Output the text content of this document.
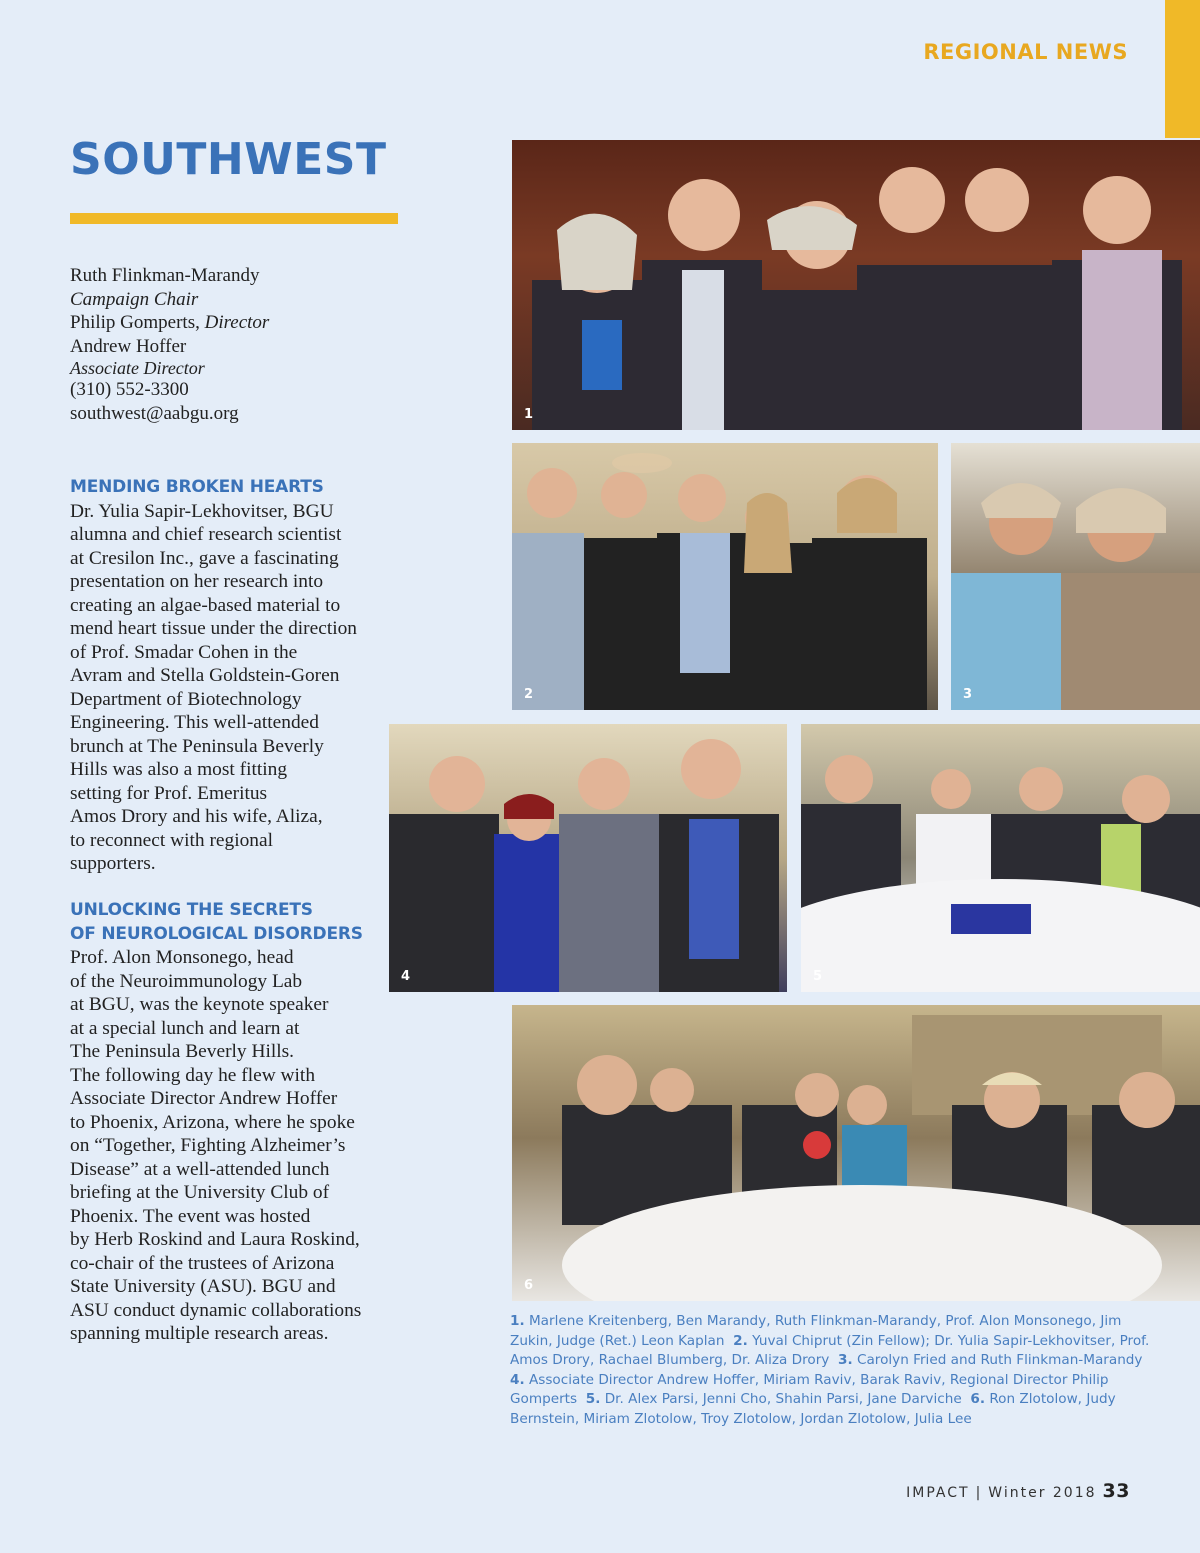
REGIONAL NEWS
SOUTHWEST
Ruth Flinkman-Marandy
Campaign Chair
Philip Gomperts, Director
Andrew Hoffer
Associate Director
(310) 552-3300
southwest@aabgu.org
MENDING BROKEN HEARTS

Dr. Yulia Sapir-Lekhovitser, BGU
alumna and chief research scientist
at Cresilon Inc., gave a fascinating
presentation on her research into
creating an algae-based material to
mend heart tissue under the direction
of Prof. Smadar Cohen in the
Avram and Stella Goldstein-Goren
Department of Biotechnology
Engineering. This well-attended
brunch at The Peninsula Beverly
Hills was also a most fitting
setting for Prof. Emeritus
Amos Drory and his wife, Aliza,
to reconnect with regional
supporters.

UNLOCKING THE SECRETS
OF NEUROLOGICAL DISORDERS

Prof. Alon Monsonego, head
of the Neuroimmunology Lab
at BGU, was the keynote speaker
at a special lunch and learn at
The Peninsula Beverly Hills.
The following day he flew with
Associate Director Andrew Hoffer
to Phoenix, Arizona, where he spoke
on “Together, Fighting Alzheimer’s
Disease” at a well-attended lunch
briefing at the University Club of
Phoenix. The event was hosted
by Herb Roskind and Laura Roskind,
co-chair of the trustees of Arizona
State University (ASU). BGU and
ASU conduct dynamic collaborations
spanning multiple research areas.

1
2	3
4	5
6
1. Marlene Kreitenberg, Ben Marandy, Ruth Flinkman-Marandy, Prof. Alon Monsonego, Jim Zukin, Judge (Ret.) Leon Kaplan 2. Yuval Chiprut (Zin Fellow); Dr. Yulia Sapir-Lekhovitser, Prof. Amos Drory, Rachael Blumberg, Dr. Aliza Drory 3. Carolyn Fried and Ruth Flinkman-Marandy  4. Associate Director Andrew Hoffer, Miriam Raviv, Barak Raviv, Regional Director Philip Gomperts 5. Dr. Alex Parsi, Jenni Cho, Shahin Parsi, Jane Darviche 6. Ron Zlotolow, Judy Bernstein, Miriam Zlotolow, Troy Zlotolow, Jordan Zlotolow, Julia Lee
IMPACT | Winter 2018 33
